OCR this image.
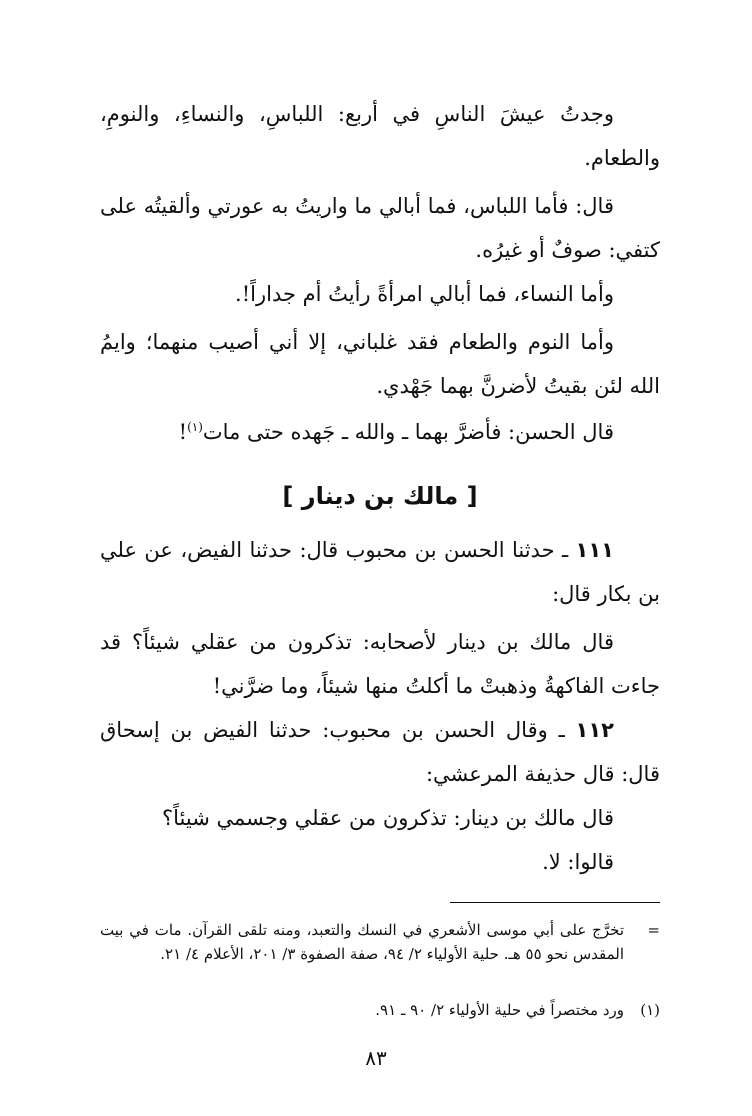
وجدتُ عيشَ الناسِ في أربع: اللباسِ، والنساءِ، والنومِ، والطعام.

قال: فأما اللباس، فما أبالي ما واريتُ به عورتي وألقيتُه على كتفي: صوفٌ أو غيرُه.

وأما النساء، فما أبالي امرأةً رأيتُ أم جداراً!.

وأما النوم والطعام فقد غلباني، إلا أني أصيب منهما؛ وايمُ الله لئن بقيتُ لأضرنَّ بهما جَهْدي.

قال الحسن: فأضرَّ بهما ـ والله ـ جَهده حتى مات$^{(١)}$!

[ مالك بن دينار ]

١١١ ـ حدثنا الحسن بن محبوب قال: حدثنا الفيض، عن علي بن بكار قال:

قال مالك بن دينار لأصحابه: تذكرون من عقلي شيئاً؟ قد جاءت الفاكهةُ وذهبتْ ما أكلتُ منها شيئاً، وما ضرَّني!

١١٢ ـ وقال الحسن بن محبوب: حدثنا الفيض بن إسحاق قال: قال حذيفة المرعشي:

قال مالك بن دينار: تذكرون من عقلي وجسمي شيئاً؟

قالوا: لا.

=
تخرَّج على أبي موسى الأشعري في النسك والتعبد، ومنه تلقى القرآن. مات في بيت المقدس نحو ٥٥ هـ. حلية الأولياء ٢/ ٩٤، صفة الصفوة ٣/ ٢٠١، الأعلام ٤/ ٢١.
(١)
ورد مختصراً في حلية الأولياء ٢/ ٩٠ ـ ٩١.
٨٣
